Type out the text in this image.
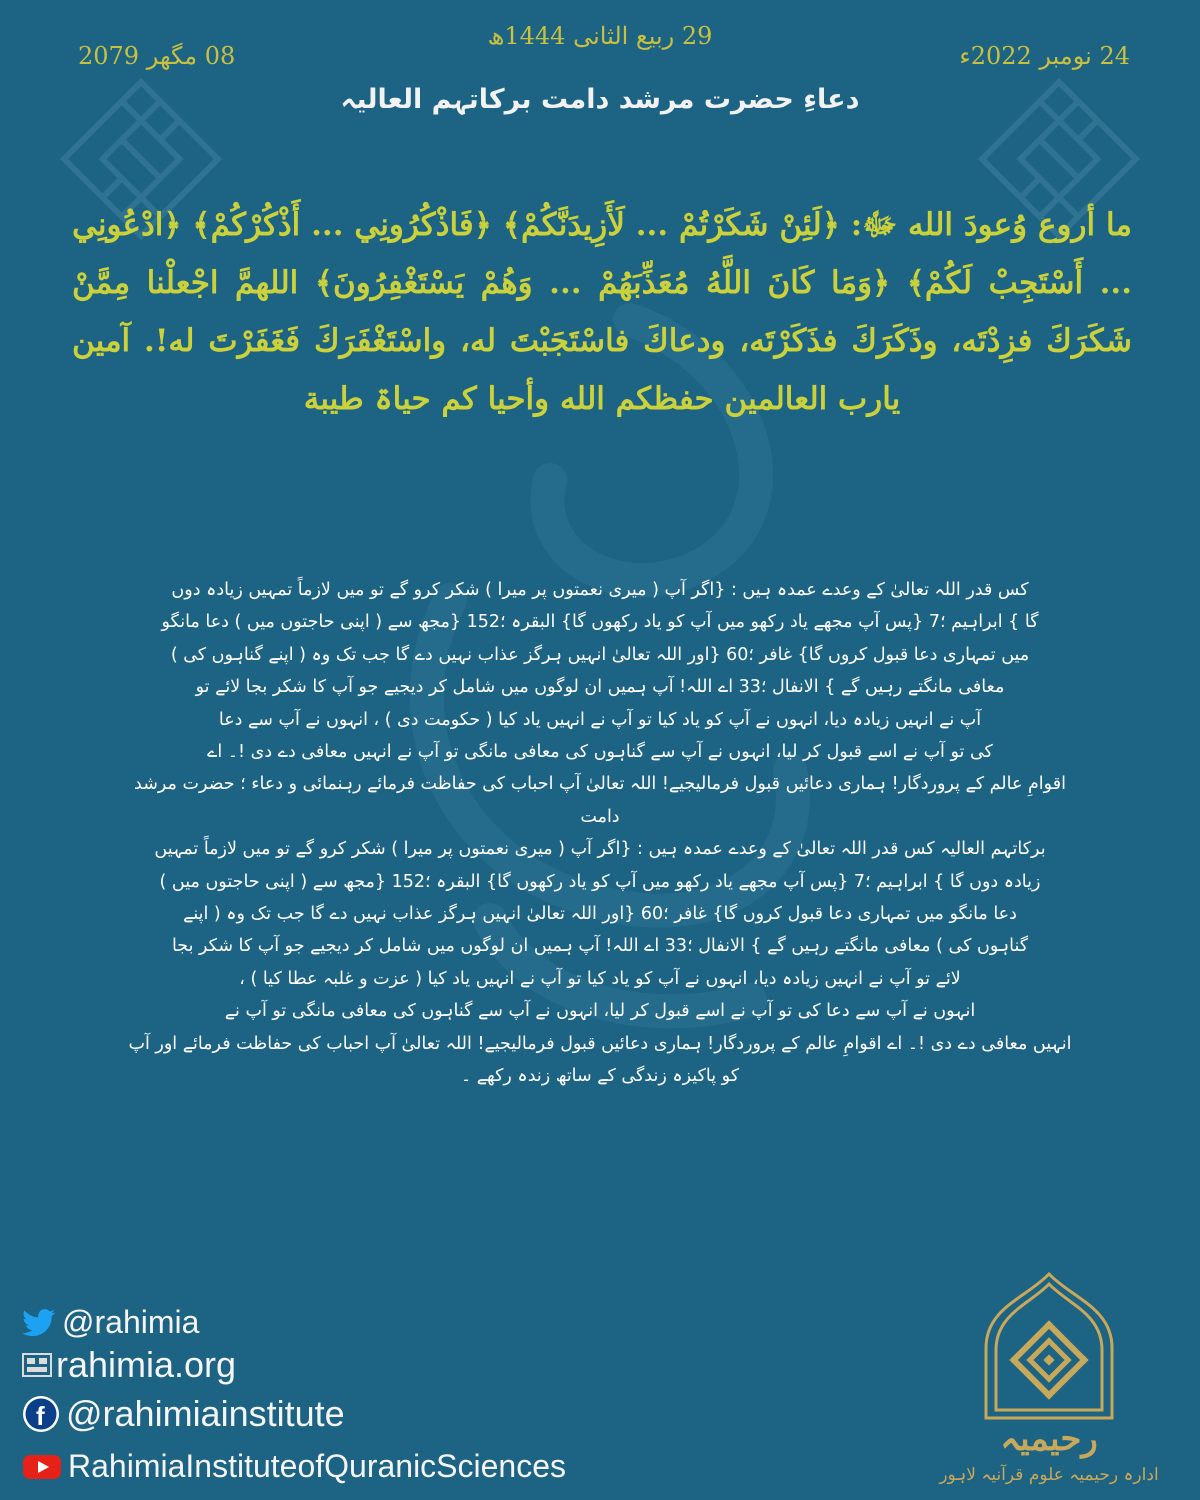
29 ربیع الثانی 1444ھ
24 نومبر 2022ء
08 مگھر 2079
دعاءِ حضرت مرشد دامت برکاتہم العالیہ
ما أروع وُعودَ الله ﷻ: ﴿لَئِنْ شَكَرْتُمْ ... لَأَزِيدَنَّكُمْ﴾ ﴿فَاذْكُرُونِي ... أَذْكُرْكُمْ﴾ ﴿ادْعُونِي ... أَسْتَجِبْ لَكُمْ﴾ ﴿وَمَا كَانَ اللَّهُ مُعَذِّبَهُمْ ... وَهُمْ يَسْتَغْفِرُونَ﴾ اللهمَّ اجْعلْنا مِمَّنْ شَكَرَكَ فزِدْتَه، وذَكَرَكَ فذَكَرْتَه، ودعاكَ فاسْتَجَبْتَ له، واسْتَغْفَرَكَ فَغَفَرْتَ له!. آمین یارب العالمین حفظکم الله وأحیا کم حیاۃ طیبة
کس قدر اللہ تعالیٰ کے وعدے عمدہ ہیں : {اگر آپ ( میری نعمتوں پر میرا ) شکر کرو گے تو میں لازماً تمہیں زیادہ دوں
گا } ابراہیم ؛7 {پس آپ مجھے یاد رکھو میں آپ کو یاد رکھوں گا} البقرہ ؛152 {مجھ سے ( اپنی حاجتوں میں ) دعا مانگو
میں تمہاری دعا قبول کروں گا} غافر ؛60 {اور اللہ تعالیٰ انہیں ہرگز عذاب نہیں دے گا جب تک وہ ( اپنے گناہوں کی )
معافی مانگتے رہیں گے } الانفال ؛33 اے اللہ! آپ ہمیں ان لوگوں میں شامل کر دیجیے جو آپ کا شکر بجا لائے تو
آپ نے انہیں زیادہ دیا، انہوں نے آپ کو یاد کیا تو آپ نے انہیں یاد کیا ( حکومت دی ) ، انہوں نے آپ سے دعا
کی تو آپ نے اسے قبول کر لیا، انہوں نے آپ سے گناہوں کی معافی مانگی تو آپ نے انہیں معافی دے دی !۔ اے
اقوامِ عالم کے پروردگار! ہماری دعائیں قبول فرمالیجیے! اللہ تعالیٰ آپ احباب کی حفاظت فرمائے رہنمائی و دعاء ؛ حضرت مرشد دامت
برکاتہم العالیہ کس قدر اللہ تعالیٰ کے وعدے عمدہ ہیں : {اگر آپ ( میری نعمتوں پر میرا ) شکر کرو گے تو میں لازماً تمہیں
زیادہ دوں گا } ابراہیم ؛7 {پس آپ مجھے یاد رکھو میں آپ کو یاد رکھوں گا} البقرہ ؛152 {مجھ سے ( اپنی حاجتوں میں )
دعا مانگو میں تمہاری دعا قبول کروں گا} غافر ؛60 {اور اللہ تعالیٰ انہیں ہرگز عذاب نہیں دے گا جب تک وہ ( اپنے
گناہوں کی ) معافی مانگتے رہیں گے } الانفال ؛33 اے اللہ! آپ ہمیں ان لوگوں میں شامل کر دیجیے جو آپ کا شکر بجا
لائے تو آپ نے انہیں زیادہ دیا، انہوں نے آپ کو یاد کیا تو آپ نے انہیں یاد کیا ( عزت و غلبہ عطا کیا ) ،
انہوں نے آپ سے دعا کی تو آپ نے اسے قبول کر لیا، انہوں نے آپ سے گناہوں کی معافی مانگی تو آپ نے
انہیں معافی دے دی !۔ اے اقوامِ عالم کے پروردگار! ہماری دعائیں قبول فرمالیجیے! اللہ تعالیٰ آپ احباب کی حفاظت فرمائے اور آپ
کو پاکیزہ زندگی کے ساتھ زندہ رکھے ۔
@rahimia
rahimia.org
f @rahimiainstitute
RahimiaInstituteofQuranicSciences
رحیمیہ
ادارہ رحیمیہ علوم قرآنیہ لاہور
